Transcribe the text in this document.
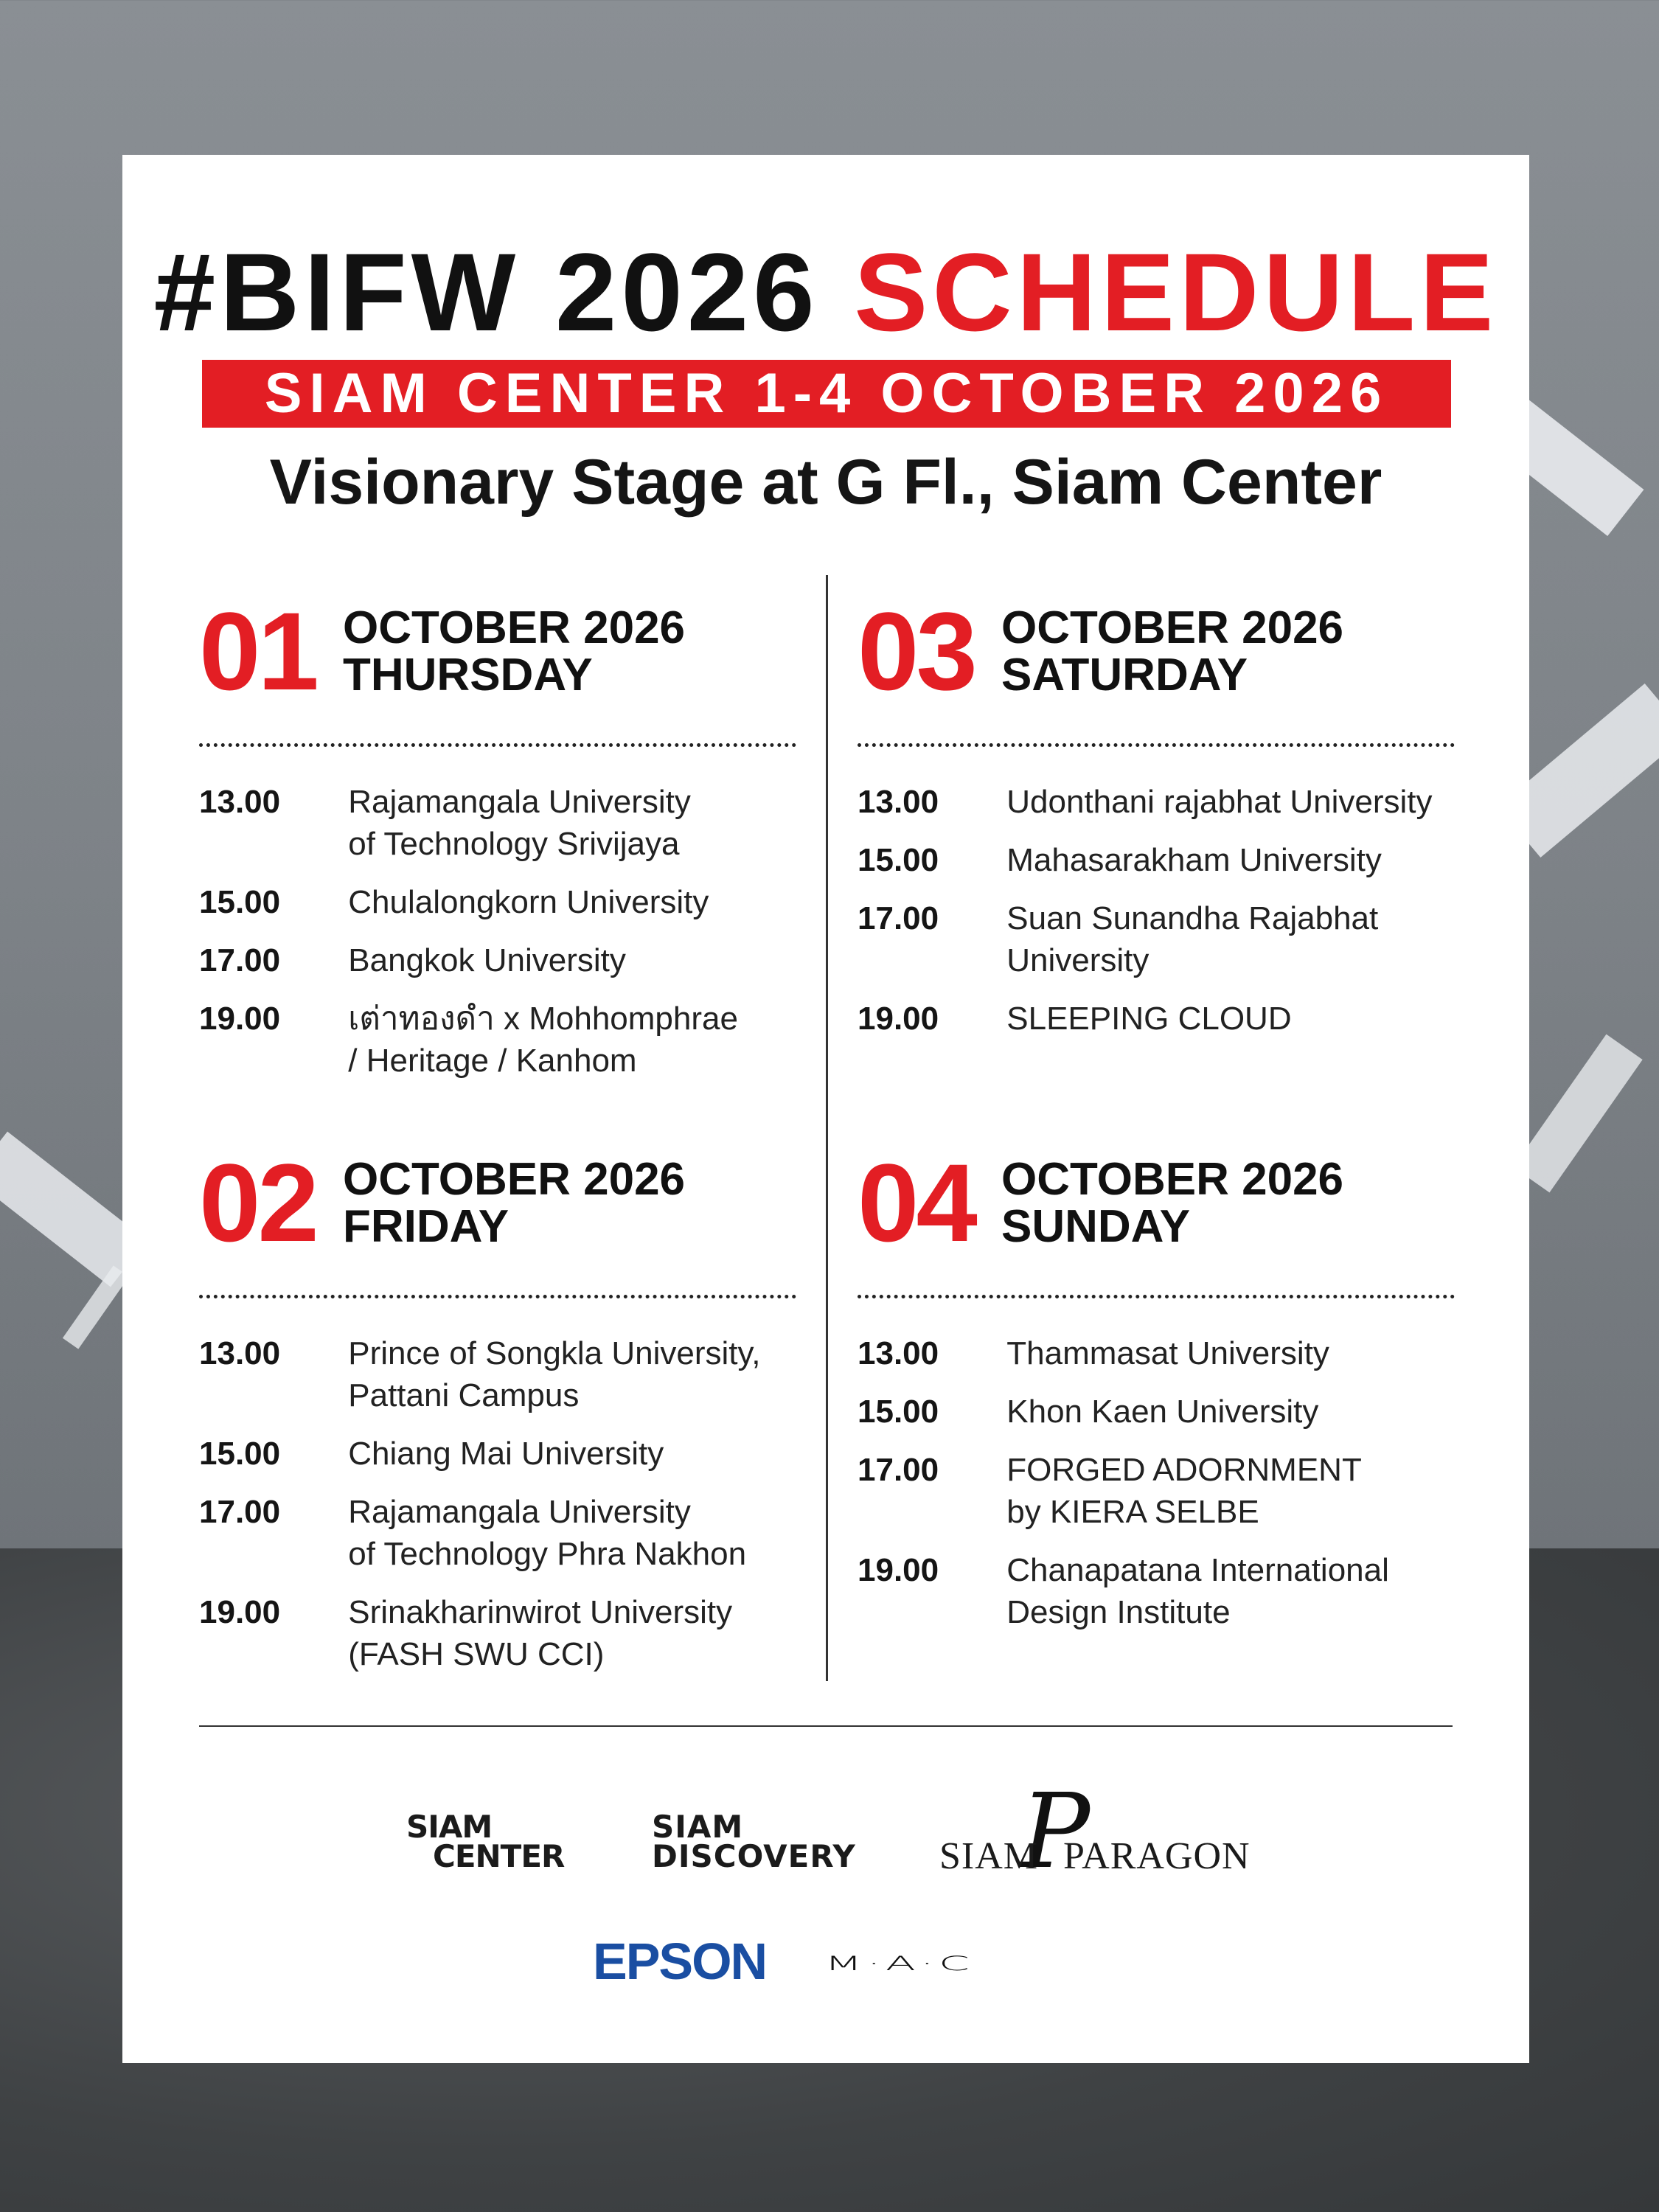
#BIFW 2026 SCHEDULE
SIAM CENTER 1-4 OCTOBER 2026
Visionary Stage at G Fl., Siam Center
01 OCTOBER 2026
THURSDAY
13.00	Rajamangala University
of Technology Srivijaya
15.00	Chulalongkorn University
17.00	Bangkok University
19.00	เต่าทองดำ x Mohhomphrae
/ Heritage / Kanhom
02 OCTOBER 2026
FRIDAY
13.00	Prince of Songkla University,
Pattani Campus
15.00	Chiang Mai University
17.00	Rajamangala University
of Technology Phra Nakhon
19.00	Srinakharinwirot University
(FASH SWU CCI)
03 OCTOBER 2026
SATURDAY
13.00	Udonthani rajabhat University
15.00	Mahasarakham University
17.00	Suan Sunandha Rajabhat
University
19.00	SLEEPING CLOUD
04 OCTOBER 2026
SUNDAY
13.00	Thammasat University
15.00	Khon Kaen University
17.00	FORGED ADORNMENT
by KIERA SELBE
19.00	Chanapatana International
Design Institute
SIAM
CENTER
SIAM
DISCOVERY P
SIAM PARAGON
EPSON M·A·C
